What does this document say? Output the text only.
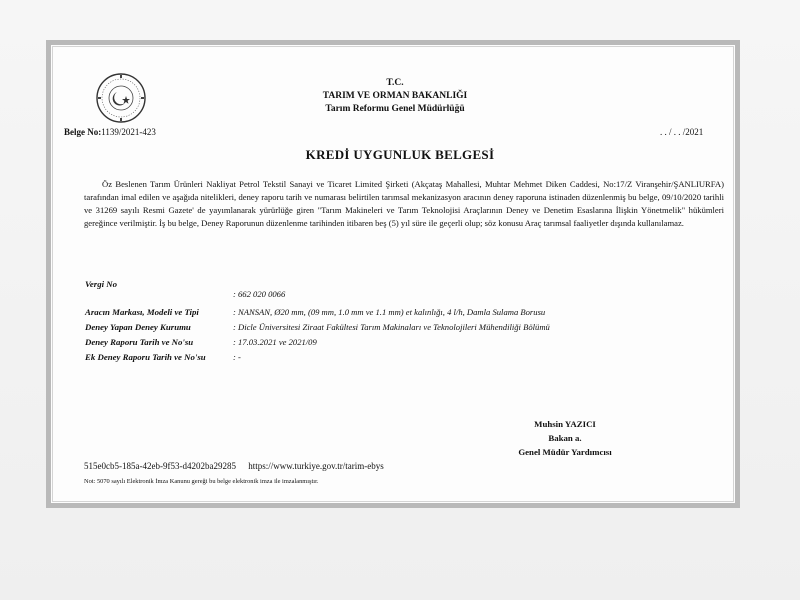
T.C.
TARIM VE ORMAN BAKANLIĞI
Tarım Reformu Genel Müdürlüğü
Belge No:1139/2021-423	. . / . . /2021
KREDİ UYGUNLUK BELGESİ
Öz Beslenen Tarım Ürünleri Nakliyat Petrol Tekstil Sanayi ve Ticaret Limited Şirketi (Akçataş Mahallesi, Muhtar Mehmet Diken Caddesi, No:17/Z Viranşehir/ŞANLIURFA) tarafından imal edilen ve aşağıda nitelikleri, deney raporu tarih ve numarası belirtilen tarımsal mekanizasyon aracının deney raporuna istinaden düzenlenmiş bu belge, 09/10/2020 tarihli ve 31269 sayılı Resmi Gazete' de yayımlanarak yürürlüğe giren "Tarım Makineleri ve Tarım Teknolojisi Araçlarının Deney ve Denetim Esaslarına İlişkin Yönetmelik" hükümleri gereğince verilmiştir. İş bu belge, Deney Raporunun düzenlenme tarihinden itibaren beş (5) yıl süre ile geçerli olup; söz konusu Araç tarımsal faaliyetler dışında kullanılamaz.
Vergi No
: 662 020 0066
Aracın Markası, Modeli ve Tipi	: NANSAN, Ø20 mm, (09 mm, 1.0 mm ve 1.1 mm) et kalınlığı, 4 l/h, Damla Sulama Borusu
Deney Yapan Deney Kurumu	: Dicle Üniversitesi Ziraat Fakültesi Tarım Makinaları ve Teknolojileri Mühendiliği Bölümü
Deney Raporu Tarih ve No'su	: 17.03.2021 ve 2021/09
Ek Deney Raporu Tarih ve No'su	: -
Muhsin YAZICI
Bakan a.
Genel Müdür Yardımcısı
515e0cb5-185a-42eb-9f53-d4202ba29285 https://www.turkiye.gov.tr/tarim-ebys
Not: 5070 sayılı Elektronik İmza Kanunu gereği bu belge elektronik imza ile imzalanmıştır.
